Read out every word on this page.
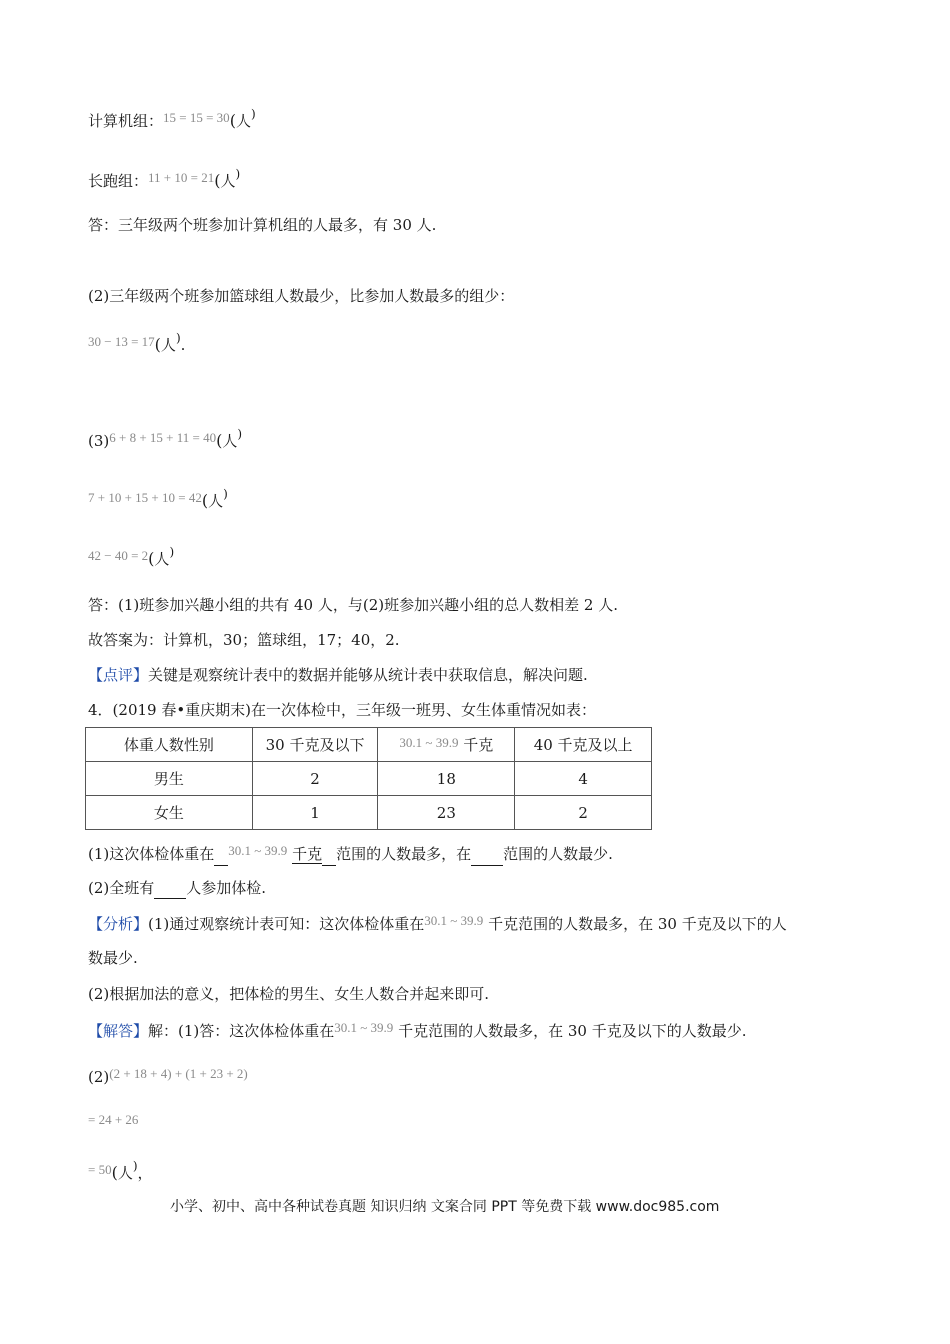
计算机组：15 = 15 = 30(人)
长跑组：11 + 10 = 21(人)
答：三年级两个班参加计算机组的人最多，有 30 人.
(2)三年级两个班参加篮球组人数最少，比参加人数最多的组少：
30 − 13 = 17(人).
(3)6 + 8 + 15 + 11 = 40(人)
7 + 10 + 15 + 10 = 42(人)
42 − 40 = 2(人)
答：(1)班参加兴趣小组的共有 40 人，与(2)班参加兴趣小组的总人数相差 2 人.
故答案为：计算机，30；篮球组，17；40，2.
【点评】关键是观察统计表中的数据并能够从统计表中获取信息，解决问题.
4．(2019 春•重庆期末)在一次体检中，三年级一班男、女生体重情况如表：
体重人数性别	30 千克及以下	30.1 ~ 39.9 千克	40 千克及以上
男生	2	18	4
女生	1	23	2
(1)这次体检体重在 30.1 ~ 39.9 千克 范围的人数最多，在 范围的人数最少.
(2)全班有 人参加体检.
【分析】(1)通过观察统计表可知：这次体检体重在30.1 ~ 39.9 千克范围的人数最多，在 30 千克及以下的人
数最少.
(2)根据加法的意义，把体检的男生、女生人数合并起来即可.
【解答】解：(1)答：这次体检体重在30.1 ~ 39.9 千克范围的人数最多，在 30 千克及以下的人数最少.
(2)(2 + 18 + 4) + (1 + 23 + 2)
= 24 + 26
= 50(人)，
小学、初中、高中各种试卷真题 知识归纳 文案合同 PPT 等免费下载 www.doc985.com
